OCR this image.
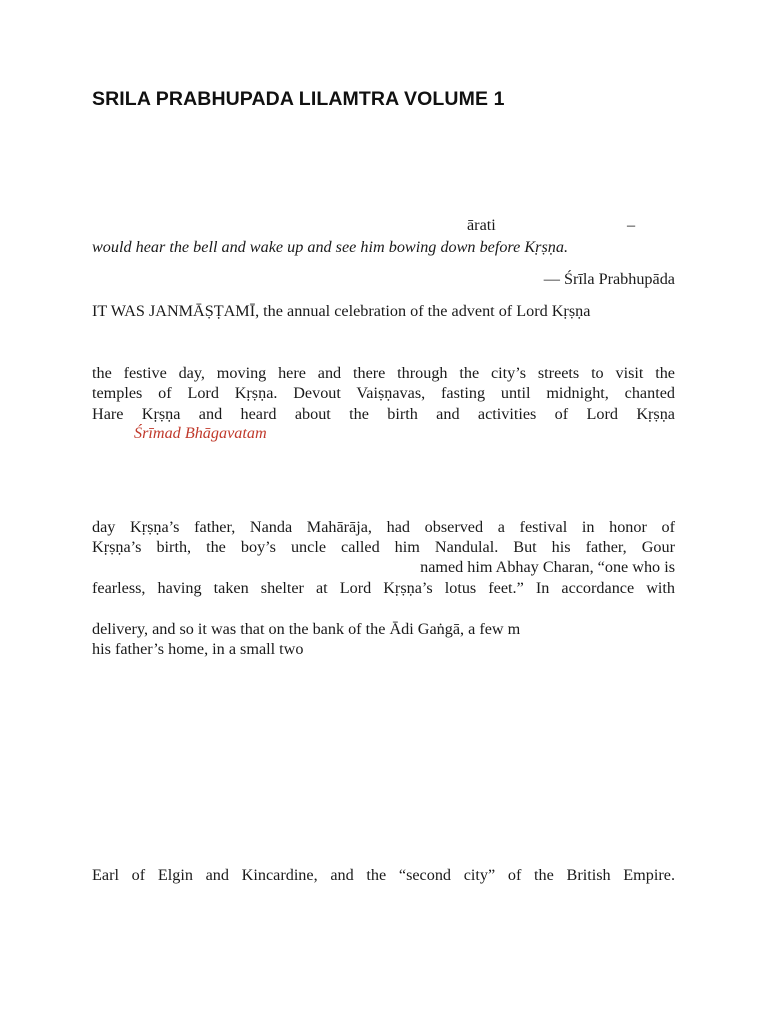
SRILA PRABHUPADA LILAMTRA VOLUME 1
ārati	–
would hear the bell and wake up and see him bowing down before Kṛṣṇa.
— Śrīla Prabhupāda
IT WAS JANMĀṢṬAMĪ, the annual celebration of the advent of Lord Kṛṣṇa
the festive day, moving here and there through the city’s streets to visit the
temples of Lord Kṛṣṇa. Devout Vaiṣṇavas, fasting until midnight, chanted
Hare Kṛṣṇa and heard about the birth and activities of Lord Kṛṣṇa
Śrīmad Bhāgavatam
day Kṛṣṇa’s father, Nanda Mahārāja, had observed a festival in honor of
Kṛṣṇa’s birth, the boy’s uncle called him Nandulal. But his father, Gour
named him Abhay Charan, “one who is
fearless, having taken shelter at Lord Kṛṣṇa’s lotus feet.” In accordance with
delivery, and so it was that on the bank of the Ādi Gaṅgā, a few m
his father’s home, in a small two
Earl of Elgin and Kincardine, and the “second city” of the British Empire.
